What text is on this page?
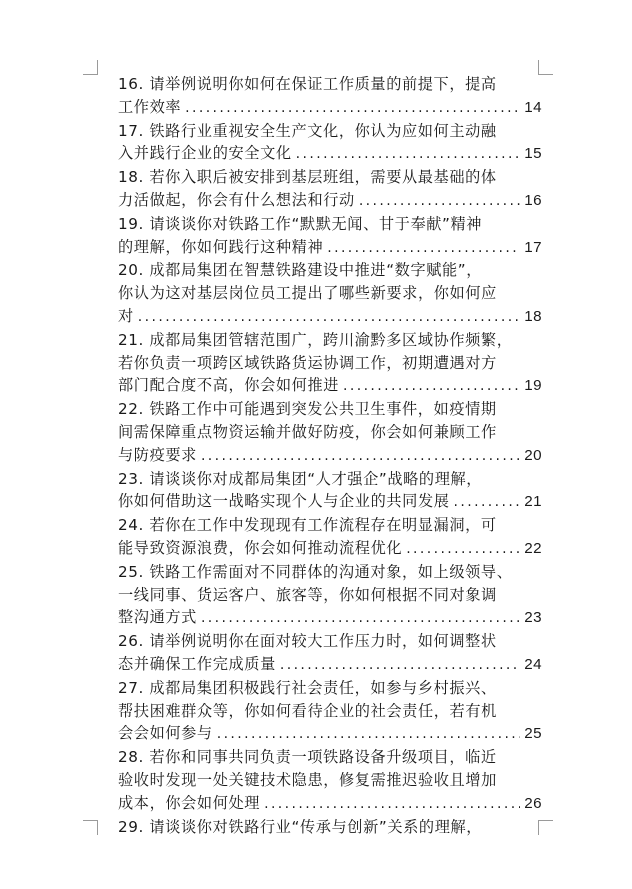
16. 请举例说明你如何在保证工作质量的前提下，提高
工作效率 .....	14
17. 铁路行业重视安全生产文化，你认为应如何主动融
入并践行企业的安全文化 .....	15
18. 若你入职后被安排到基层班组，需要从最基础的体
力活做起，你会有什么想法和行动 .....	16
19. 请谈谈你对铁路工作“默默无闻、甘于奉献”精神
的理解，你如何践行这种精神 .....	17
20. 成都局集团在智慧铁路建设中推进“数字赋能”，
你认为这对基层岗位员工提出了哪些新要求，你如何应
对 .....	18
21. 成都局集团管辖范围广，跨川渝黔多区域协作频繁，
若你负责一项跨区域铁路货运协调工作，初期遭遇对方
部门配合度不高，你会如何推进 .....	19
22. 铁路工作中可能遇到突发公共卫生事件，如疫情期
间需保障重点物资运输并做好防疫，你会如何兼顾工作
与防疫要求 .....	20
23. 请谈谈你对成都局集团“人才强企”战略的理解，
你如何借助这一战略实现个人与企业的共同发展 .....	21
24. 若你在工作中发现现有工作流程存在明显漏洞，可
能导致资源浪费，你会如何推动流程优化 .....	22
25. 铁路工作需面对不同群体的沟通对象，如上级领导、
一线同事、货运客户、旅客等，你如何根据不同对象调
整沟通方式 .....	23
26. 请举例说明你在面对较大工作压力时，如何调整状
态并确保工作完成质量 .....	24
27. 成都局集团积极践行社会责任，如参与乡村振兴、
帮扶困难群众等，你如何看待企业的社会责任，若有机
会会如何参与 .....	25
28. 若你和同事共同负责一项铁路设备升级项目，临近
验收时发现一处关键技术隐患，修复需推迟验收且增加
成本，你会如何处理 .....	26
29. 请谈谈你对铁路行业“传承与创新”关系的理解，
